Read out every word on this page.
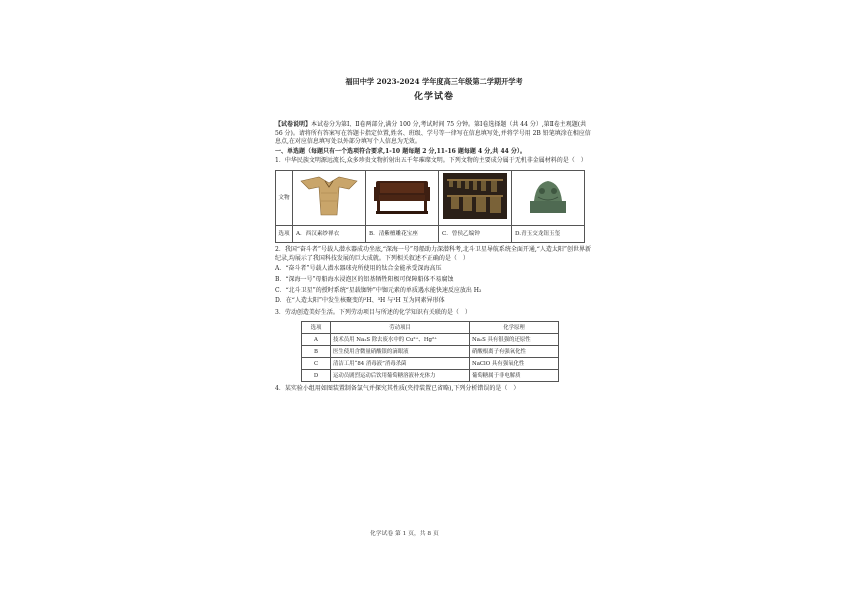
福田中学 2023-2024 学年度高三年级第二学期开学考
化学试卷

【试卷说明】本试卷分为第Ⅰ、Ⅱ卷两部分,满分 100 分,考试时间 75 分钟。第Ⅰ卷选择题（共 44 分）,第Ⅱ卷主观题(共 56 分)。请将所有答案写在答题卡指定位置,姓名、班级、学号等一律写在信息填写处,并将学号用 2B 铅笔填涂在相应信息点,在对应信息填写处以外部分填写个人信息为无效。

一、单选题（每题只有一个选项符合要求,1-10 题每题 2 分,11-16 题每题 4 分,共 44 分）。

1．中华民族文明源远流长,众多珍贵文物折射出五千年璀璨文明。下列文物的主要成分属于无机非金属材料的是（　）

文物				
选项	A．西汉素纱禅衣	B．清紫檀雕花宝座	C．曾侯乙编钟	D.青玉交龙钮玉玺

2．我国“奋斗者”号载人潜水器成功坐底,“深海一号”母船助力深潜科考,北斗卫星导航系统全面开通,“人造太阳”创世界新纪录,均展示了我国科技发展的巨大成就。下列相关叙述不正确的是（　）

A．“奋斗者”号载人潜水器球壳所使用的钛合金能承受深海高压

B．“深海一号”母船海水浸泡区的铝基牺牲阳极可保障船体不易腐蚀

C．“北斗卫星”的授时系统“星载铷钟”中铷元素的单质遇水能快速反应放出 H₂

D．在“人造太阳”中发生核聚变的²H、³H 与¹H 互为同素异形体

3．劳动创造美好生活。下列劳动项目与所述的化学知识有关联的是（　）

选项	劳动项目	化学原理
A	技术员用 Na₂S 除去废水中的 Cu²⁺、Hg²⁺	Na₂S 具有很强的还原性
B	医生使用含微量硝酸银的滴眼液	硝酸根离子有强氧化性
C	清洁工用“84 消毒液”消毒杀菌	NaClO 具有强氧化性
D	运动员剧烈运动后饮用葡萄糖溶液补充体力	葡萄糖属于非电解质

4．某实验小组用如图装置制备氯气并探究其性质(夹持装置已省略),下列分析错误的是（　）

化学试卷 第 1 页，共 8 页
